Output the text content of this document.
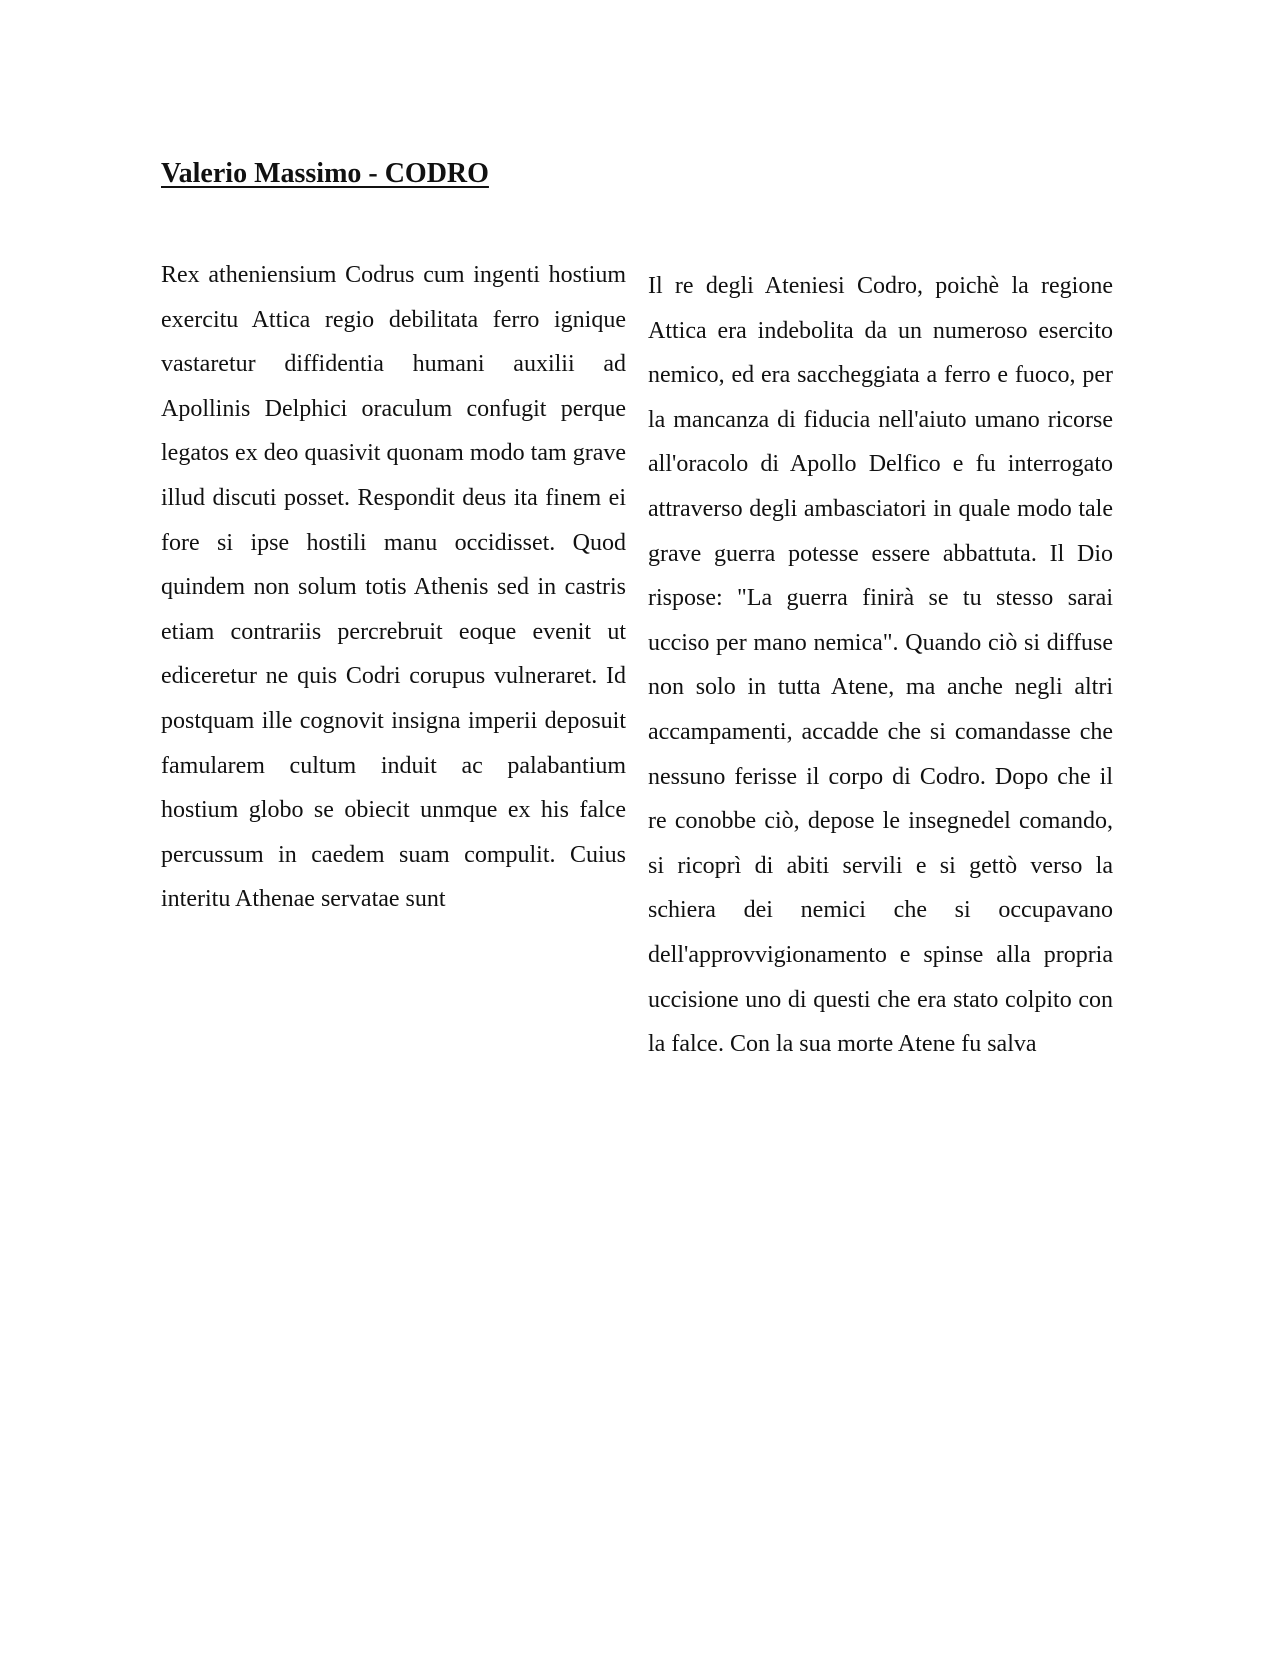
Valerio Massimo - CODRO

Rex atheniensium Codrus cum ingenti hostium exercitu Attica regio debilitata ferro ignique vastaretur diffidentia humani auxilii ad Apollinis Delphici oraculum confugit perque legatos ex deo quasivit quonam modo tam grave illud discuti posset. Respondit deus ita finem ei fore si ipse hostili manu occidisset. Quod quindem non solum totis Athenis sed in castris etiam contrariis percrebruit eoque evenit ut ediceretur ne quis Codri corupus vulneraret. Id postquam ille cognovit insigna imperii deposuit famularem cultum induit ac palabantium hostium globo se obiecit unmque ex his falce percussum in caedem suam compulit. Cuius interitu Athenae servatae sunt

Il re degli Ateniesi Codro, poichè la regione Attica era indebolita da un numeroso esercito nemico, ed era saccheggiata a ferro e fuoco, per la mancanza di fiducia nell'aiuto umano ricorse all'oracolo di Apollo Delfico e fu interrogato attraverso degli ambasciatori in quale modo tale grave guerra potesse essere abbattuta. Il Dio rispose: "La guerra finirà se tu stesso sarai ucciso per mano nemica". Quando ciò si diffuse non solo in tutta Atene, ma anche negli altri accampamenti, accadde che si comandasse che nessuno ferisse il corpo di Codro. Dopo che il re conobbe ciò, depose le insegnedel comando, si ricoprì di abiti servili e si gettò verso la schiera dei nemici che si occupavano dell'approvvigionamento e spinse alla propria uccisione uno di questi che era stato colpito con la falce. Con la sua morte Atene fu salva
